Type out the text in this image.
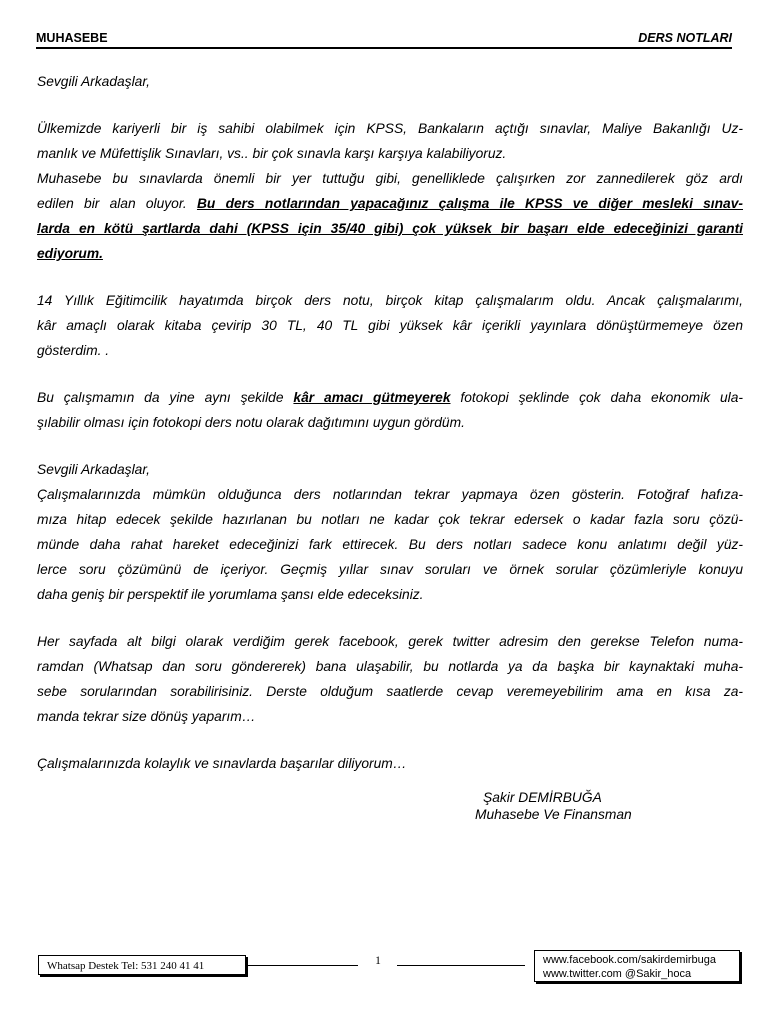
MUHASEBE	DERS NOTLARI
Sevgili Arkadaşlar,
Ülkemizde kariyerli bir iş sahibi olabilmek için KPSS, Bankaların açtığı sınavlar, Maliye Bakanlığı Uz-
manlık ve Müfettişlik Sınavları, vs.. bir çok sınavla karşı karşıya kalabiliyoruz.
Muhasebe bu sınavlarda önemli bir yer tuttuğu gibi, genelliklede çalışırken zor zannedilerek göz ardı
edilen bir alan oluyor. Bu ders notlarından yapacağınız çalışma ile KPSS ve diğer mesleki sınav-
larda en kötü şartlarda dahi (KPSS için 35/40 gibi) çok yüksek bir başarı elde edeceğinizi garanti
ediyorum.
14 Yıllık Eğitimcilik hayatımda birçok ders notu, birçok kitap çalışmalarım oldu. Ancak çalışmalarımı,
kâr amaçlı olarak kitaba çevirip 30 TL, 40 TL gibi yüksek kâr içerikli yayınlara dönüştürmemeye özen
gösterdim. .
Bu çalışmamın da yine aynı şekilde kâr amacı gütmeyerek fotokopi şeklinde çok daha ekonomik ula-
şılabilir olması için fotokopi ders notu olarak dağıtımını uygun gördüm.
Sevgili Arkadaşlar,
Çalışmalarınızda mümkün olduğunca ders notlarından tekrar yapmaya özen gösterin. Fotoğraf hafıza-
mıza hitap edecek şekilde hazırlanan bu notları ne kadar çok tekrar edersek o kadar fazla soru çözü-
münde daha rahat hareket edeceğinizi fark ettirecek. Bu ders notları sadece konu anlatımı değil yüz-
lerce soru çözümünü de içeriyor. Geçmiş yıllar sınav soruları ve örnek sorular çözümleriyle konuyu
daha geniş bir perspektif ile yorumlama şansı elde edeceksiniz.
Her sayfada alt bilgi olarak verdiğim gerek facebook, gerek twitter adresim den gerekse Telefon numa-
ramdan (Whatsap dan soru göndererek) bana ulaşabilir, bu notlarda ya da başka bir kaynaktaki muha-
sebe sorularından sorabilirisiniz. Derste olduğum saatlerde cevap veremeyebilirim ama en kısa za-
manda tekrar size dönüş yaparım…
Çalışmalarınızda kolaylık ve sınavlarda başarılar diliyorum…
Şakir DEMİRBUĞA
Muhasebe Ve Finansman
Whatsap Destek Tel: 531 240 41 41	1	www.facebook.com/sakirdemirbuga
www.twitter.com @Sakir_hoca
